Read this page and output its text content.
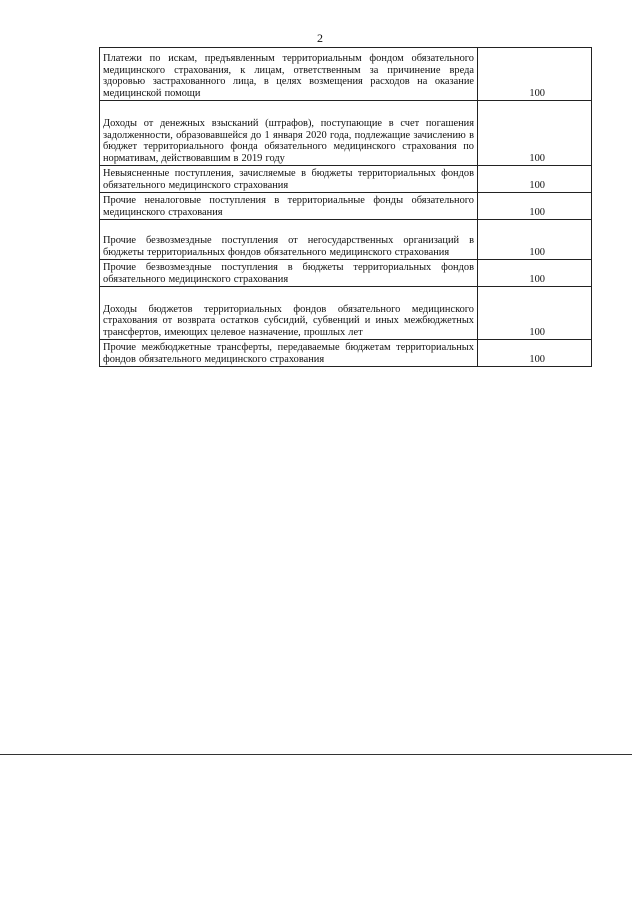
2
Платежи по искам, предъявленным территориальным фондом обязательного медицинского страхования, к лицам, ответственным за причинение вреда здоровью застрахованного лица, в целях возмещения расходов на оказание медицинской помощи	100
Доходы от денежных взысканий (штрафов), поступающие в счет погашения задолженности, образовавшейся до 1 января 2020 года, подлежащие зачислению в бюджет территориального фонда обязательного медицинского страхования по нормативам, действовавшим в 2019 году	100
Невыясненные поступления, зачисляемые в бюджеты территориальных фондов обязательного медицинского страхования	100
Прочие неналоговые поступления в территориальные фонды обязательного медицинского страхования	100
Прочие безвозмездные поступления от негосударственных организаций в бюджеты территориальных фондов обязательного медицинского страхования	100
Прочие безвозмездные поступления в бюджеты территориальных фондов обязательного медицинского страхования	100
Доходы бюджетов территориальных фондов обязательного медицинского страхования от возврата остатков субсидий, субвенций и иных межбюджетных трансфертов, имеющих целевое назначение, прошлых лет	100
Прочие межбюджетные трансферты, передаваемые бюджетам территориальных фондов обязательного медицинского страхования	100
